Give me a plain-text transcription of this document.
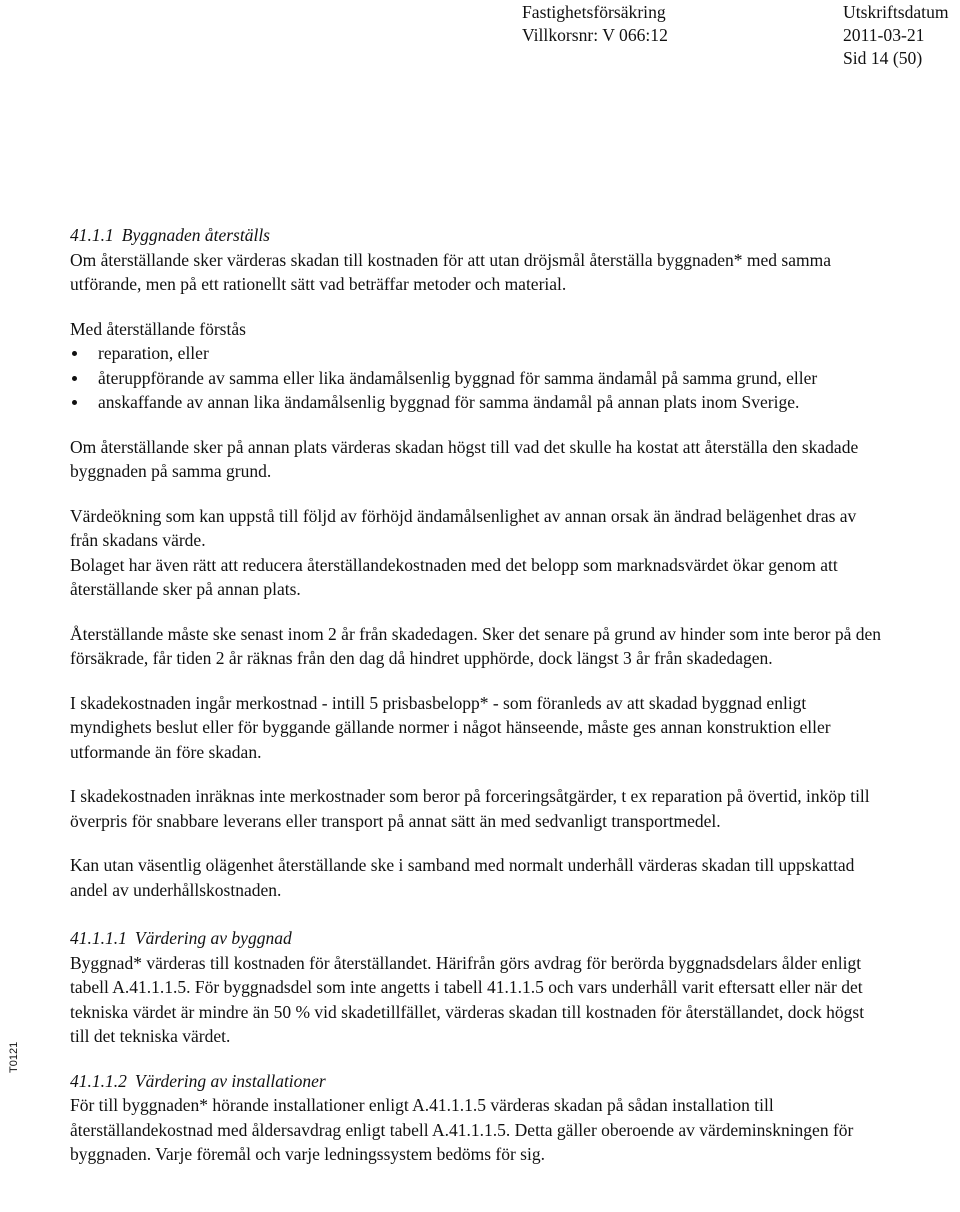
Fastighetsförsäkring
Villkorsnr: V 066:12
Utskriftsdatum
2011-03-21
Sid 14 (50)
T0121

41.1.1 Byggnaden återställs

Om återställande sker värderas skadan till kostnaden för att utan dröjsmål återställa byggnaden* med samma utförande, men på ett rationellt sätt vad beträffar metoder och material.

Med återställande förstås

reparation, eller
återuppförande av samma eller lika ändamålsenlig byggnad för samma ändamål på samma grund, eller
anskaffande av annan lika ändamålsenlig byggnad för samma ändamål på annan plats inom Sverige.

Om återställande sker på annan plats värderas skadan högst till vad det skulle ha kostat att återställa den skadade byggnaden på samma grund.

Värdeökning som kan uppstå till följd av förhöjd ändamålsenlighet av annan orsak än ändrad belägenhet dras av från skadans värde.

Bolaget har även rätt att reducera återställandekostnaden med det belopp som marknadsvärdet ökar genom att återställande sker på annan plats.

Återställande måste ske senast inom 2 år från skadedagen. Sker det senare på grund av hinder som inte beror på den försäkrade, får tiden 2 år räknas från den dag då hindret upphörde, dock längst 3 år från skadedagen.

I skadekostnaden ingår merkostnad - intill 5 prisbasbelopp* - som föranleds av att skadad byggnad enligt myndighets beslut eller för byggande gällande normer i något hänseende, måste ges annan konstruktion eller utformande än före skadan.

I skadekostnaden inräknas inte merkostnader som beror på forceringsåtgärder, t ex reparation på övertid, inköp till överpris för snabbare leverans eller transport på annat sätt än med sedvanligt transportmedel.

Kan utan väsentlig olägenhet återställande ske i samband med normalt underhåll värderas skadan till uppskattad andel av underhållskostnaden.

41.1.1.1 Värdering av byggnad

Byggnad* värderas till kostnaden för återställandet. Härifrån görs avdrag för berörda byggnadsdelars ålder enligt tabell A.41.1.1.5. För byggnadsdel som inte angetts i tabell 41.1.1.5 och vars underhåll varit eftersatt eller när det tekniska värdet är mindre än 50 % vid skadetillfället, värderas skadan till kostnaden för återställandet, dock högst till det tekniska värdet.

41.1.1.2 Värdering av installationer

För till byggnaden* hörande installationer enligt A.41.1.1.5 värderas skadan på sådan installation till återställandekostnad med åldersavdrag enligt tabell A.41.1.1.5. Detta gäller oberoende av värdeminskningen för byggnaden. Varje föremål och varje ledningssystem bedöms för sig.
